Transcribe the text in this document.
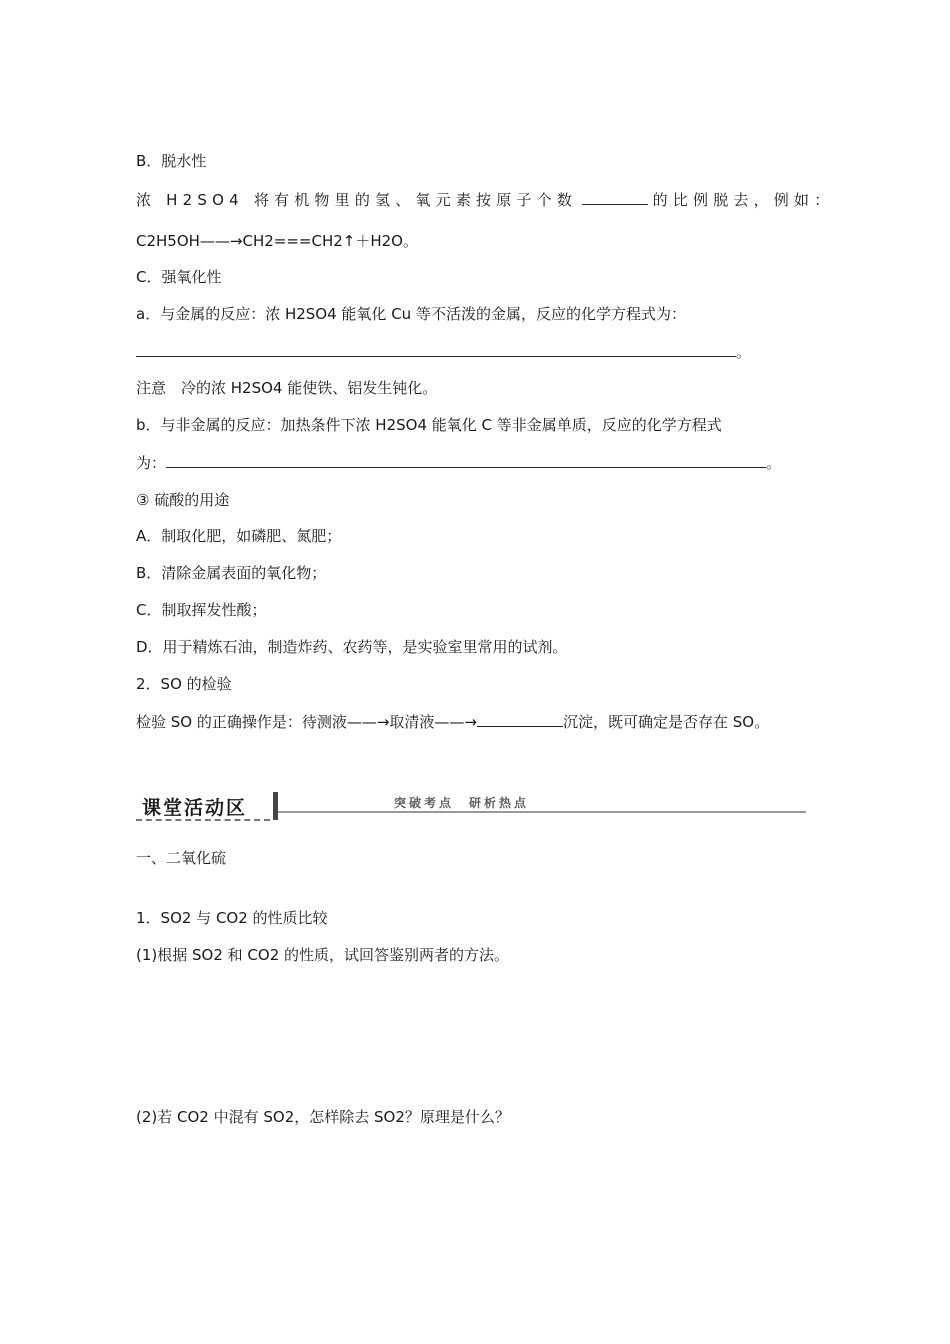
B．脱水性
浓 H2SO4 将有机物里的氢、氧元素按原子个数	的比例脱去，例如：
C2H5OH——→CH2===CH2↑＋H2O。
C．强氧化性
a．与金属的反应：浓 H2SO4 能氧化 Cu 等不活泼的金属，反应的化学方程式为：
。
注意　冷的浓 H2SO4 能使铁、铝发生钝化。
b．与非金属的反应：加热条件下浓 H2SO4 能氧化 C 等非金属单质，反应的化学方程式
为：	。
③ 硫酸的用途
A．制取化肥，如磷肥、氮肥；
B．清除金属表面的氧化物；
C．制取挥发性酸；
D．用于精炼石油，制造炸药、农药等，是实验室里常用的试剂。
2．SO 的检验
检验 SO 的正确操作是：待测液——→取清液——→	沉淀，既可确定是否存在 SO。
课堂活动区	突破考点　研析热点
一、二氧化硫
1．SO2 与 CO2 的性质比较
(1)根据 SO2 和 CO2 的性质，试回答鉴别两者的方法。
(2)若 CO2 中混有 SO2，怎样除去 SO2？原理是什么？
